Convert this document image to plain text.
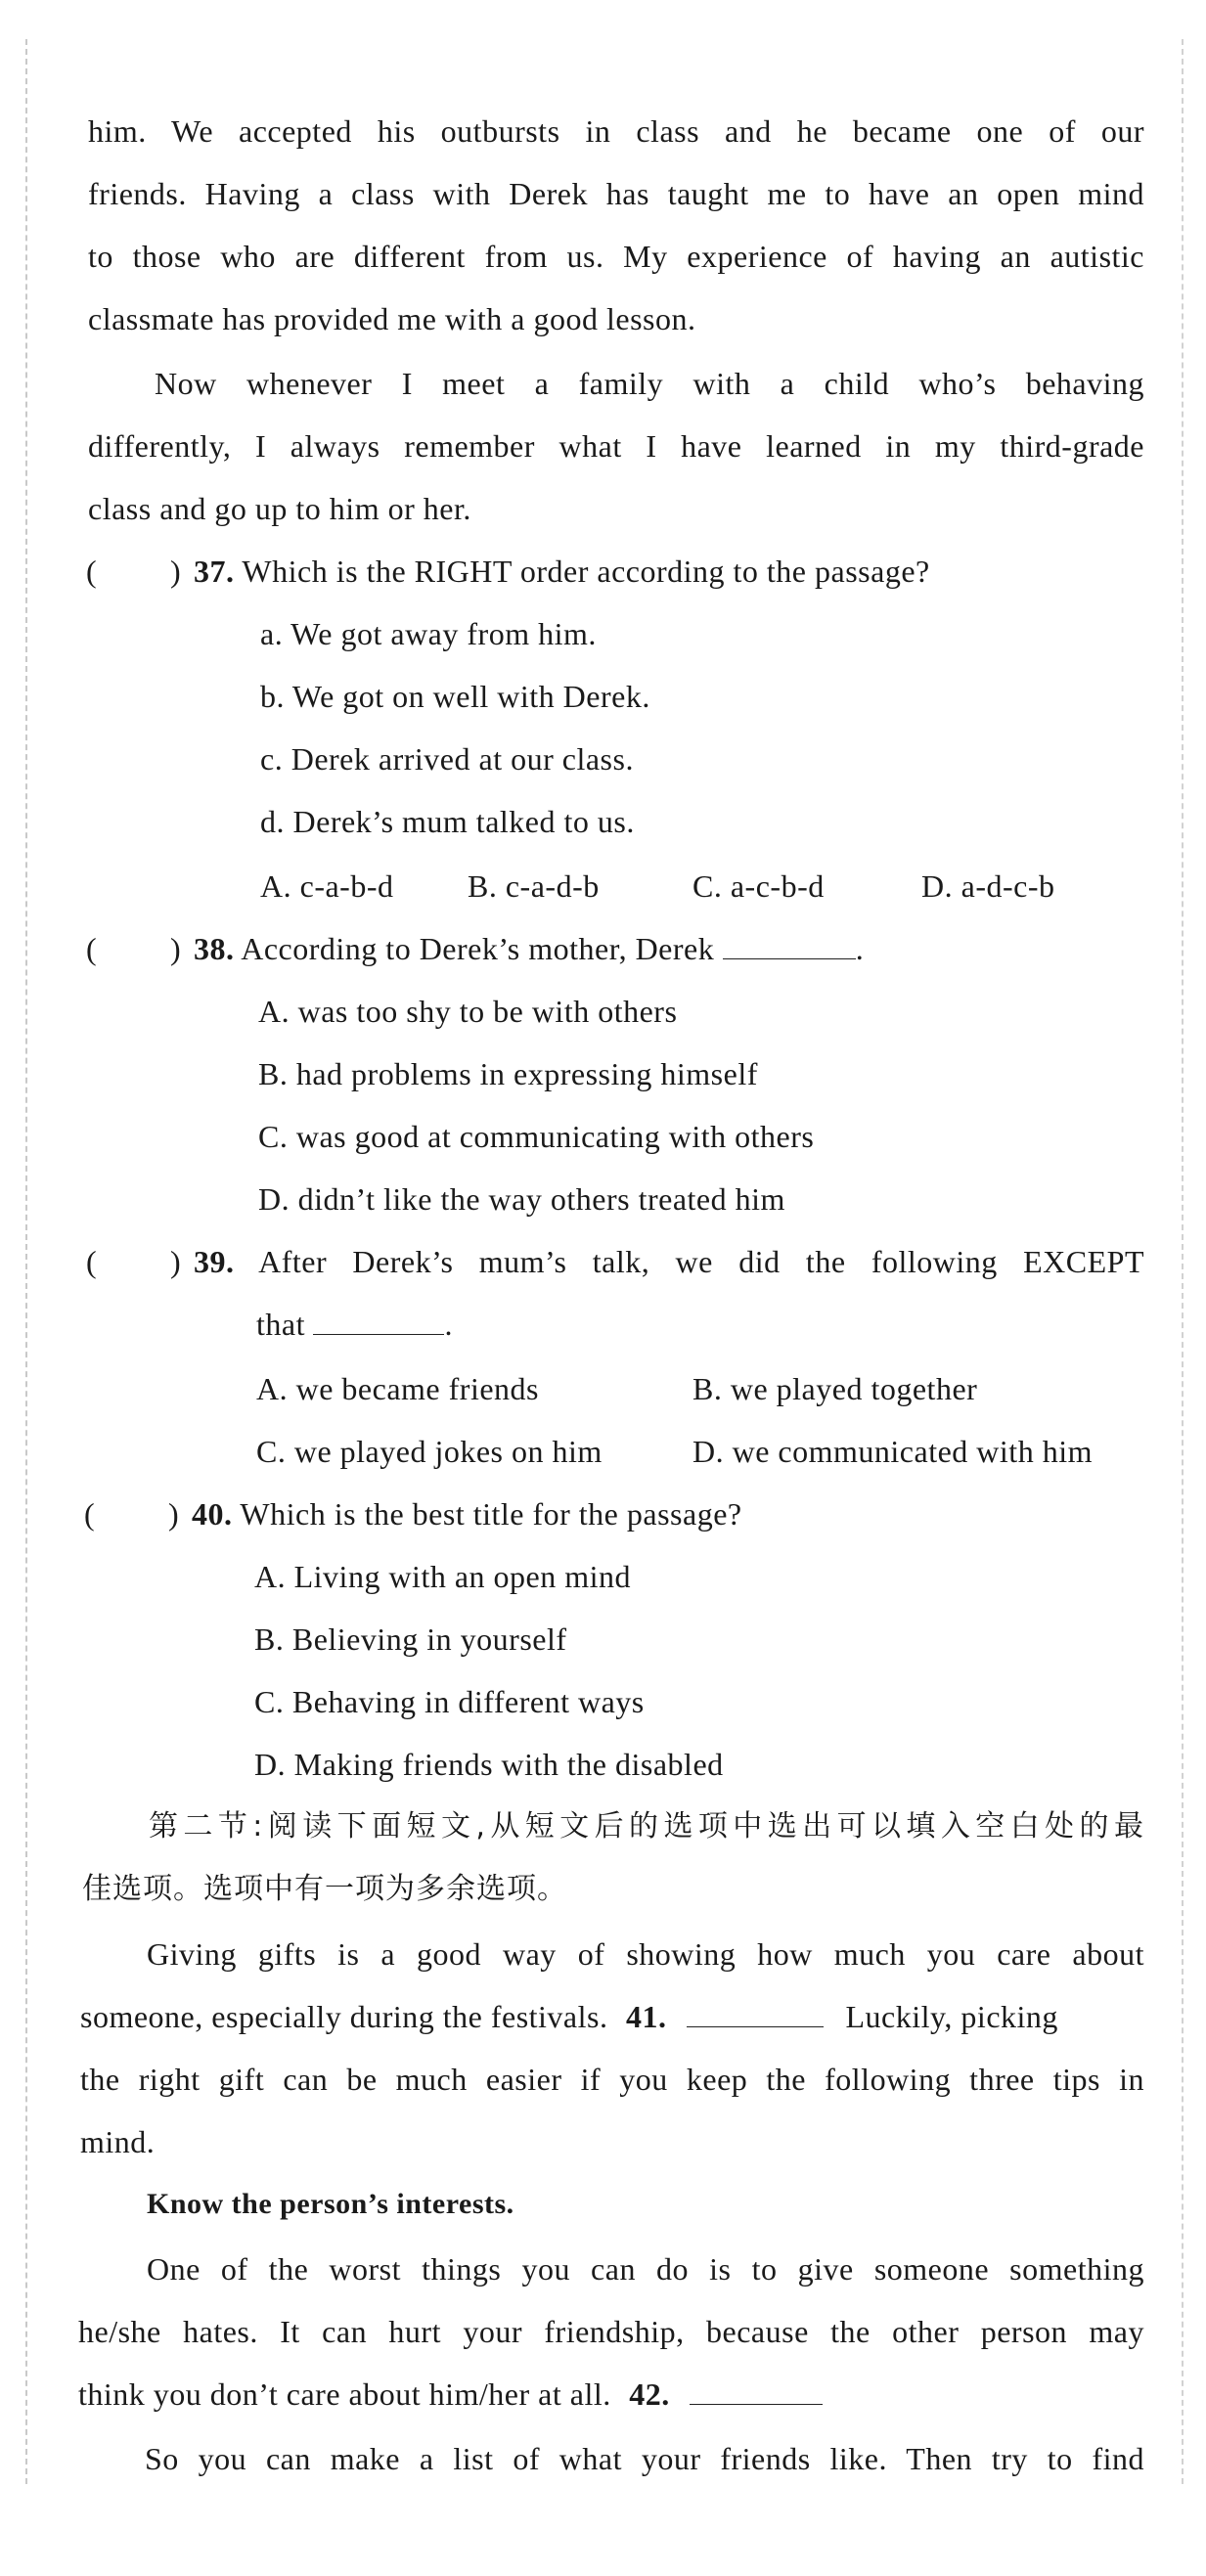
him. We accepted his outbursts in class and he became one of our
friends. Having a class with Derek has taught me to have an open mind
to those who are different from us. My experience of having an autistic
classmate has provided me with a good lesson.
Now whenever I meet a family with a child who’s behaving
differently, I always remember what I have learned in my third-grade
class and go up to him or her.
( ) 37. Which is the RIGHT order according to the passage?
a. We got away from him.
b. We got on well with Derek.
c. Derek arrived at our class.
d. Derek’s mum talked to us.
A. c-a-b-d B. c-a-d-b	C. a-c-b-d	D. a-d-c-b
( ) 38. According to Derek’s mother, Derek	.
A. was too shy to be with others
B. had problems in expressing himself
C. was good at communicating with others
D. didn’t like the way others treated him
( ) 39. After Derek’s mum’s talk, we did the following EXCEPT
that	.
A. we became friends	B. we played together
C. we played jokes on him	D. we communicated with him
( ) 40. Which is the best title for the passage?
A. Living with an open mind
B. Believing in yourself
C. Behaving in different ways
D. Making friends with the disabled
第二节:阅读下面短文,从短文后的选项中选出可以填入空白处的最
佳选项。选项中有一项为多余选项。
Giving gifts is a good way of showing how much you care about
someone, especially during the festivals. 41.	Luckily, picking
the right gift can be much easier if you keep the following three tips in
mind.
Know the person’s interests.
One of the worst things you can do is to give someone something
he/she hates. It can hurt your friendship, because the other person may
think you don’t care about him/her at all. 42.
So you can make a list of what your friends like. Then try to find
